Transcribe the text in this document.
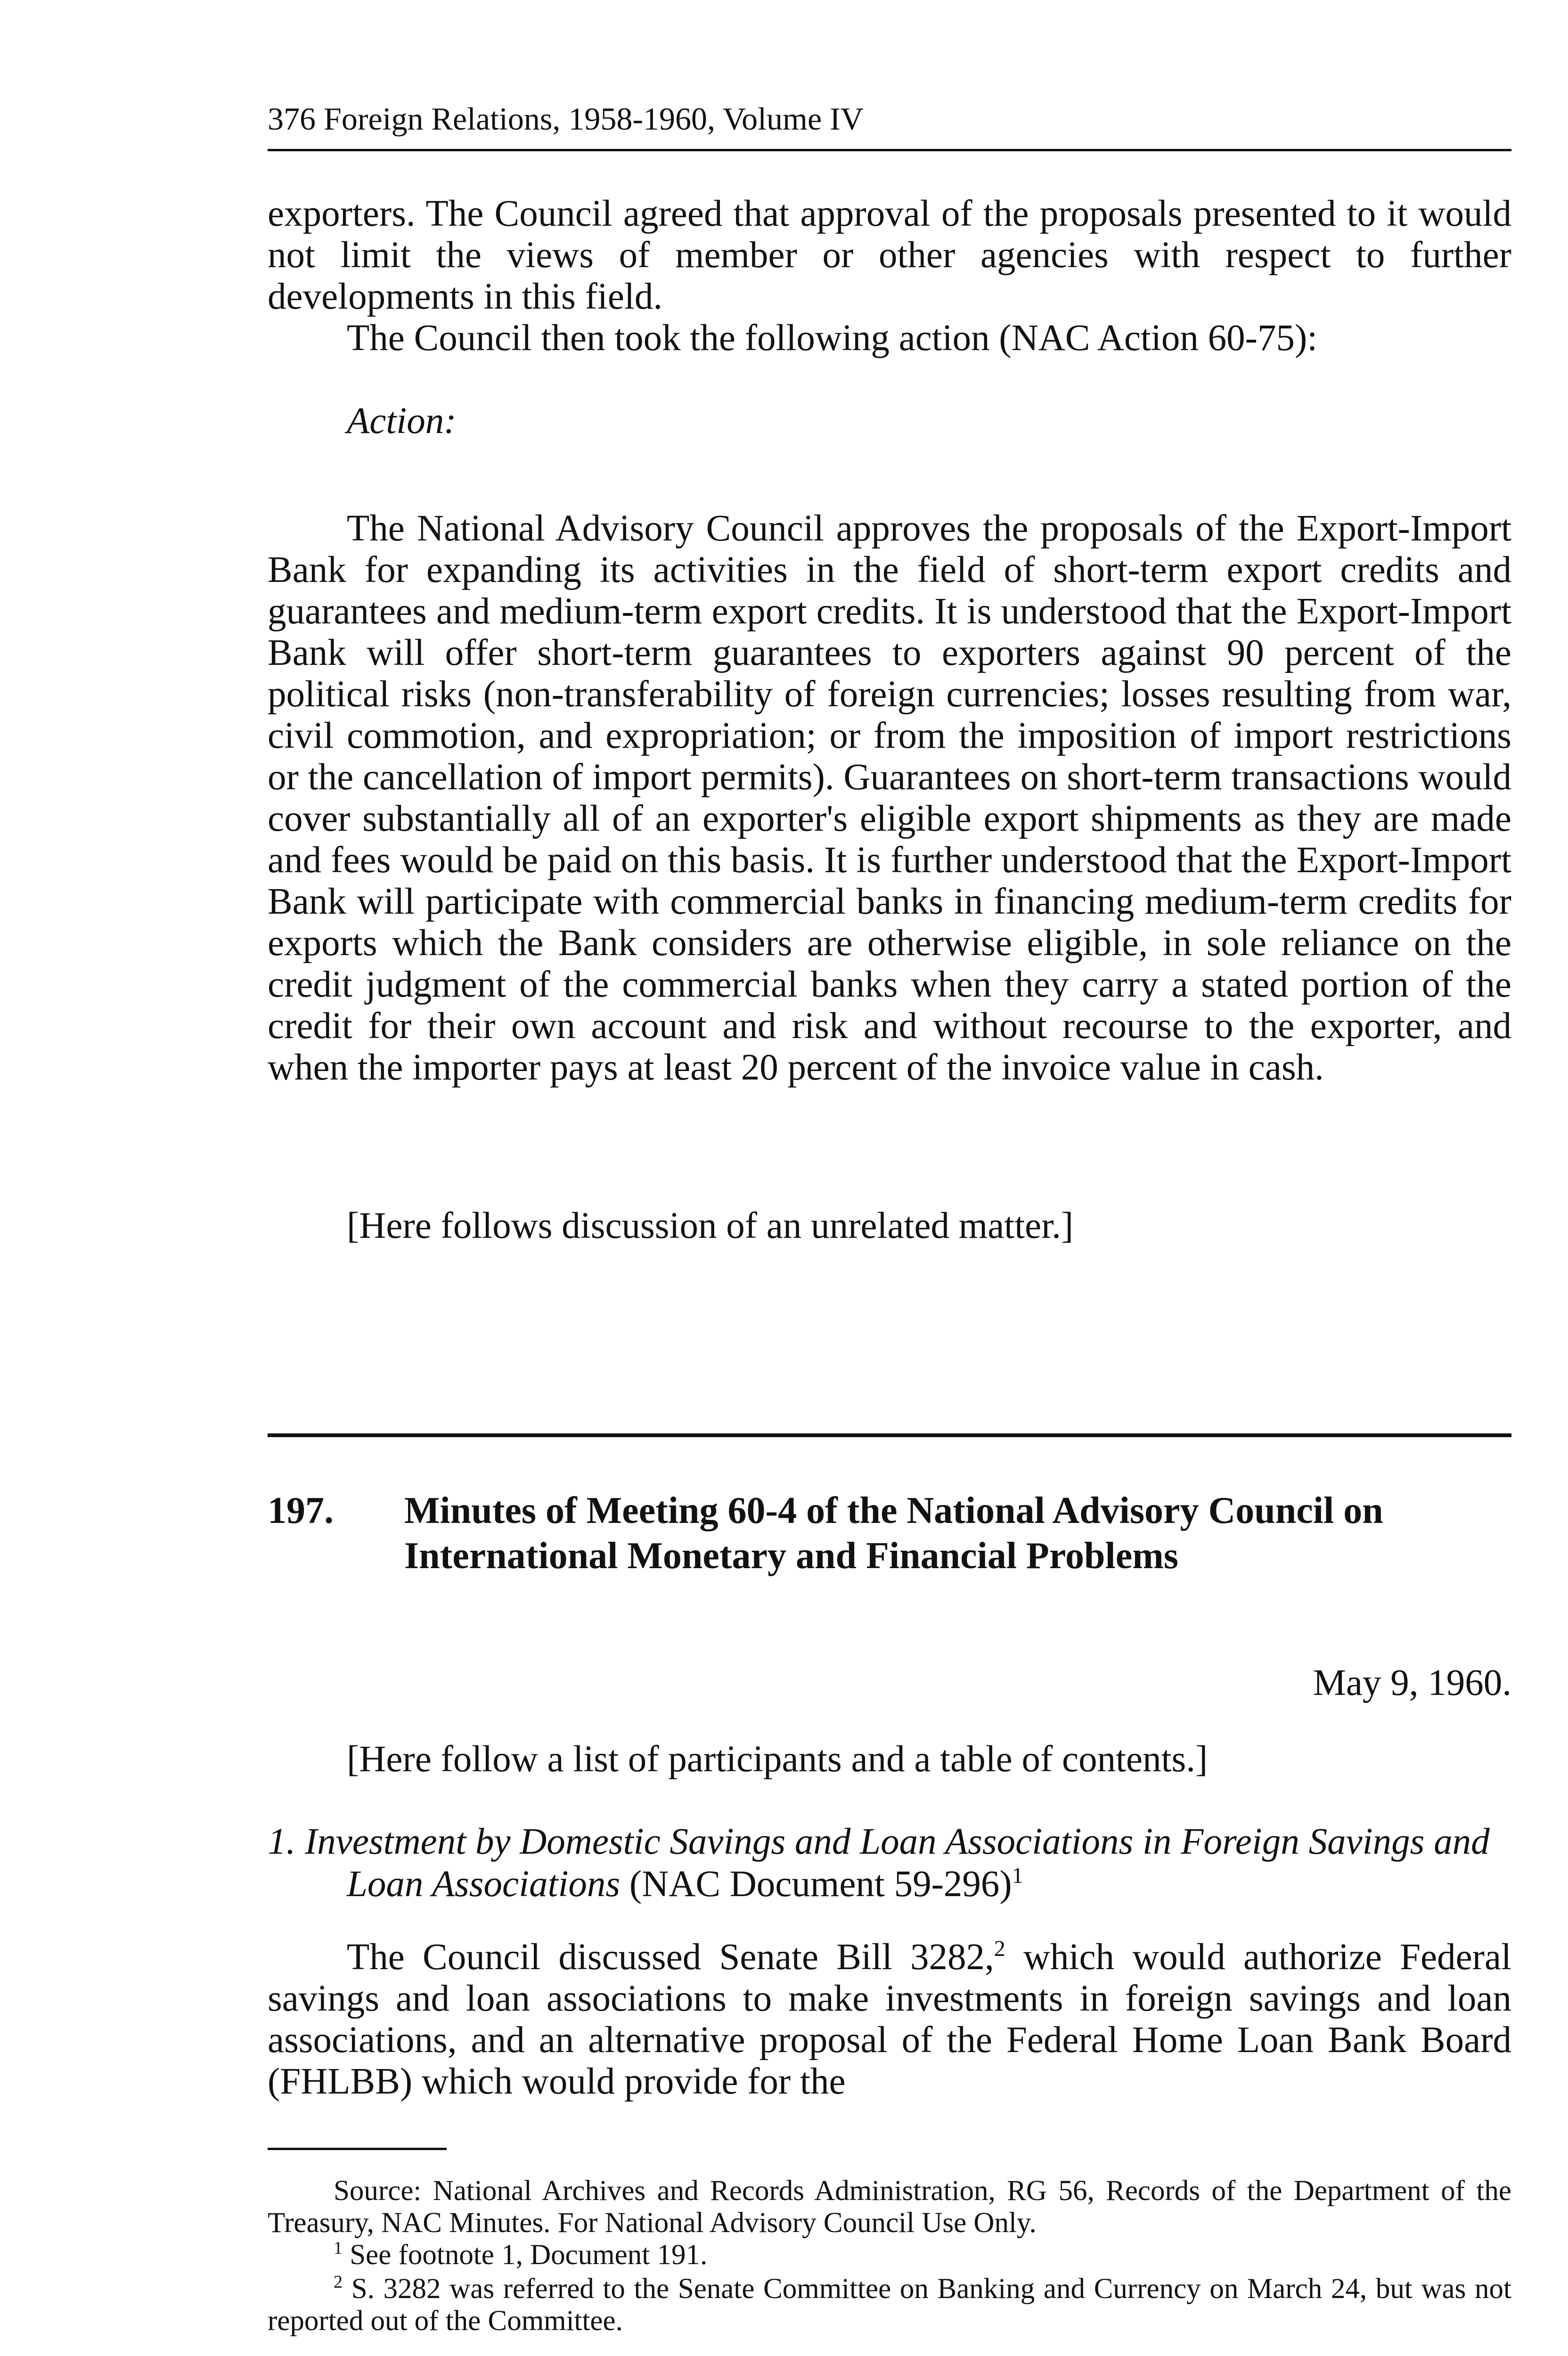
376 Foreign Relations, 1958-1960, Volume IV

exporters. The Council agreed that approval of the proposals presented to it would not limit the views of member or other agencies with respect to further developments in this field.

The Council then took the following action (NAC Action 60-75):

Action:
The National Advisory Council approves the proposals of the Export-Import Bank for expanding its activities in the field of short-term export credits and guarantees and medium-term export credits. It is understood that the Export-Import Bank will offer short-term guarantees to exporters against 90 percent of the political risks (non-transferability of foreign currencies; losses resulting from war, civil commotion, and expropriation; or from the imposition of import restrictions or the cancellation of import permits). Guarantees on short-term transactions would cover substantially all of an exporter's eligible export shipments as they are made and fees would be paid on this basis. It is further understood that the Export-Import Bank will participate with commercial banks in financing medium-term credits for exports which the Bank considers are otherwise eligible, in sole reliance on the credit judgment of the commercial banks when they carry a stated portion of the credit for their own account and risk and without recourse to the exporter, and when the importer pays at least 20 percent of the invoice value in cash.

[Here follows discussion of an unrelated matter.]

197. Minutes of Meeting 60-4 of the National Advisory Council on International Monetary and Financial Problems
May 9, 1960.

[Here follow a list of participants and a table of contents.]

1. Investment by Domestic Savings and Loan Associations in Foreign Savings and Loan Associations (NAC Document 59-296)$^1$

The Council discussed Senate Bill 3282,$^2$ which would authorize Federal savings and loan associations to make investments in foreign savings and loan associations, and an alternative proposal of the Federal Home Loan Bank Board (FHLBB) which would provide for the

Source: National Archives and Records Administration, RG 56, Records of the Department of the Treasury, NAC Minutes. For National Advisory Council Use Only.

$^1$ See footnote 1, Document 191.

$^2$ S. 3282 was referred to the Senate Committee on Banking and Currency on March 24, but was not reported out of the Committee.
